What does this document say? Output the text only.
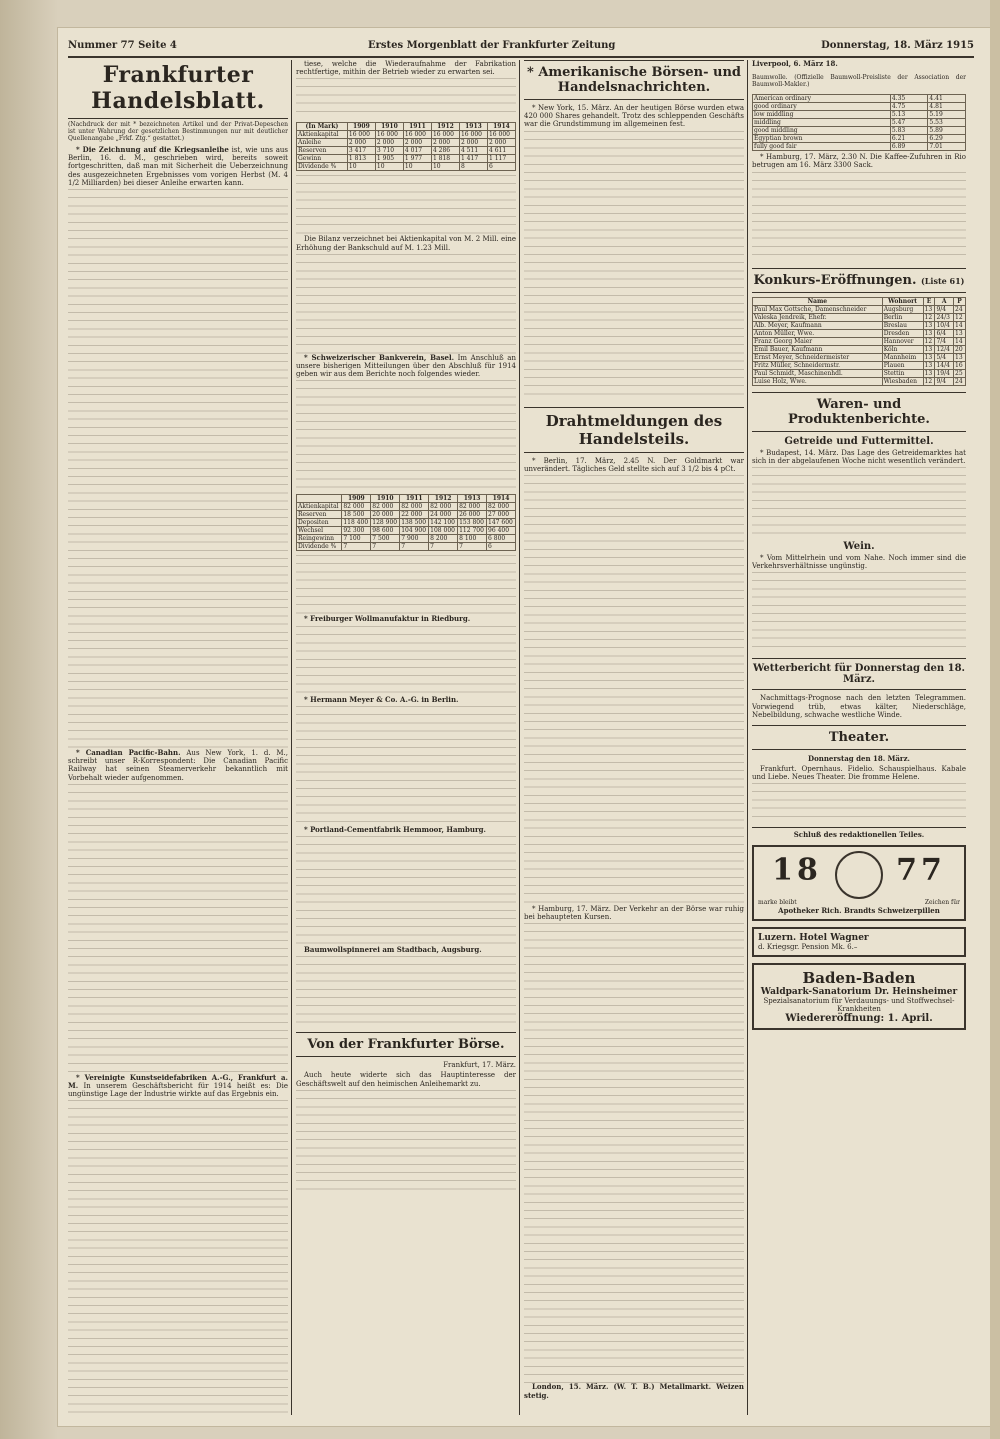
Nummer 77 Seite 4	Erstes Morgenblatt der Frankfurter Zeitung	Donnerstag, 18. März 1915
Frankfurter Handelsblatt.

(Nachdruck der mit * bezeichneten Artikel und der Privat-Depeschen ist unter Wahrung der gesetzlichen Bestimmungen nur mit deutlicher Quellenangabe „Frkf. Ztg.“ gestattet.)

* Die Zeichnung auf die Kriegsanleihe ist, wie uns aus Berlin, 16. d. M., geschrieben wird, bereits soweit fortgeschritten, daß man mit Sicherheit die Ueberzeichnung des ausgezeichneten Ergebnisses vom vorigen Herbst (M. 4 1/2 Milliarden) bei dieser Anleihe erwarten kann.

* Canadian Pacific-Bahn. Aus New York, 1. d. M., schreibt unser R-Korrespondent: Die Canadian Pacific Railway hat seinen Steamerverkehr bekanntlich mit Vorbehalt wieder aufgenommen.

* Vereinigte Kunstseidefabriken A.-G., Frankfurt a. M. In unserem Geschäftsbericht für 1914 heißt es: Die ungünstige Lage der Industrie wirkte auf das Ergebnis ein.

tiese, welche die Wiederaufnahme der Fabrikation rechtfertige, mithin der Betrieb wieder zu erwarten sei.

(In Mark)	1909	1910	1911	1912	1913	1914
Aktienkapital	16 000	16 000	16 000	16 000	16 000	16 000
Anleihe	2 000	2 000	2 000	2 000	2 000	2 000
Reserven	3 417	3 710	4 017	4 286	4 511	4 611
Gewinn	1 813	1 905	1 977	1 818	1 417	1 117
Dividende %	10	10	10	10	8	6

Die Bilanz verzeichnet bei Aktienkapital von M. 2 Mill. eine Erhöhung der Bankschuld auf M. 1.23 Mill.

* Schweizerischer Bankverein, Basel. Im Anschluß an unsere bisherigen Mitteilungen über den Abschluß für 1914 geben wir aus dem Berichte noch folgendes wieder.

	1909	1910	1911	1912	1913	1914
Aktienkapital	82 000	82 000	82 000	82 000	82 000	82 000
Reserven	18 500	20 000	22 000	24 000	26 000	27 000
Depositen	118 400	128 900	138 500	142 100	153 800	147 600
Wechsel	92 300	98 600	104 900	108 000	112 700	96 400
Reingewinn	7 100	7 500	7 900	8 200	8 100	6 800
Dividende %	7	7	7	7	7	6

* Freiburger Wollmanufaktur in Riedburg.

* Hermann Meyer & Co. A.-G. in Berlin.

* Portland-Cementfabrik Hemmoor, Hamburg.

Baumwollspinnerei am Stadtbach, Augsburg.

Von der Frankfurter Börse.

Frankfurt, 17. März.

Auch heute widerte sich das Hauptinteresse der Geschäftswelt auf den heimischen Anleihemarkt zu.

* Amerikanische Börsen- und Handelsnachrichten.

* New York, 15. März. An der heutigen Börse wurden etwa 420 000 Shares gehandelt. Trotz des schleppenden Geschäfts war die Grundstimmung im allgemeinen fest.

Drahtmeldungen des Handelsteils.

* Berlin, 17. März, 2.45 N. Der Goldmarkt war unverändert. Tägliches Geld stellte sich auf 3 1/2 bis 4 pCt.

* Hamburg, 17. März. Der Verkehr an der Börse war ruhig bei behaupteten Kursen.

London, 15. März. (W. T. B.) Metallmarkt. Weizen stetig.

Liverpool, 6. März 18.

Baumwolle. (Offizielle Baumwoll-Preisliste der Association der Baumwoll-Makler.)

American ordinary	4.35	4.41
good ordinary	4.75	4.81
low middling	5.13	5.19
middling	5.47	5.53
good middling	5.83	5.89
Egyptian brown	6.21	6.29
fully good fair	6.89	7.01

* Hamburg, 17. März, 2.30 N. Die Kaffee-Zufuhren in Rio betrugen am 16. März 3300 Sack.

Konkurs-Eröffnungen. (Liste 61)
Name	Wohnort	E	A	P
Paul Max Gottsche, Damenschneider	Augsburg	13	9/4	24
Valeska Jendreik, Ehefr.	Berlin	12	24/3	12
Alb. Meyer, Kaufmann	Breslau	13	10/4	14
Anton Müller, Wwe.	Dresden	13	6/4	13
Franz Georg Maier	Hannover	12	7/4	14
Emil Bauer, Kaufmann	Köln	13	12/4	20
Ernst Meyer, Schneidermeister	Mannheim	13	5/4	13
Fritz Müller, Schneidermstr.	Plauen	13	14/4	16
Paul Schmidt, Maschinenhdl.	Stettin	13	19/4	25
Luise Holz, Wwe.	Wiesbaden	12	9/4	24
Waren- und Produktenberichte.

Getreide und Futtermittel.

* Budapest, 14. März. Das Lage des Getreidemarktes hat sich in der abgelaufenen Woche nicht wesentlich verändert.

Wein.

* Vom Mittelrhein und vom Nahe. Noch immer sind die Verkehrsverhältnisse ungünstig.

Wetterbericht für Donnerstag den 18. März.

Nachmittags-Prognose nach den letzten Telegrammen. Vorwiegend trüb, etwas kälter, Niederschläge, Nebelbildung, schwache westliche Winde.

Theater.

Donnerstag den 18. März.

Frankfurt. Opernhaus. Fidelio. Schauspielhaus. Kabale und Liebe. Neues Theater. Die fromme Helene.

Schluß des redaktionellen Teiles.

18 77
marke bleibt	Zeichen für
Apotheker Rich. Brandts Schweizerpillen
Luzern. Hotel Wagner
d. Kriegsgr. Pension Mk. 6.–
Baden-Baden
Waldpark-Sanatorium Dr. Heinsheimer
Spezialsanatorium für Verdauungs- und Stoffwechsel-Krankheiten
Wiedereröffnung: 1. April.
